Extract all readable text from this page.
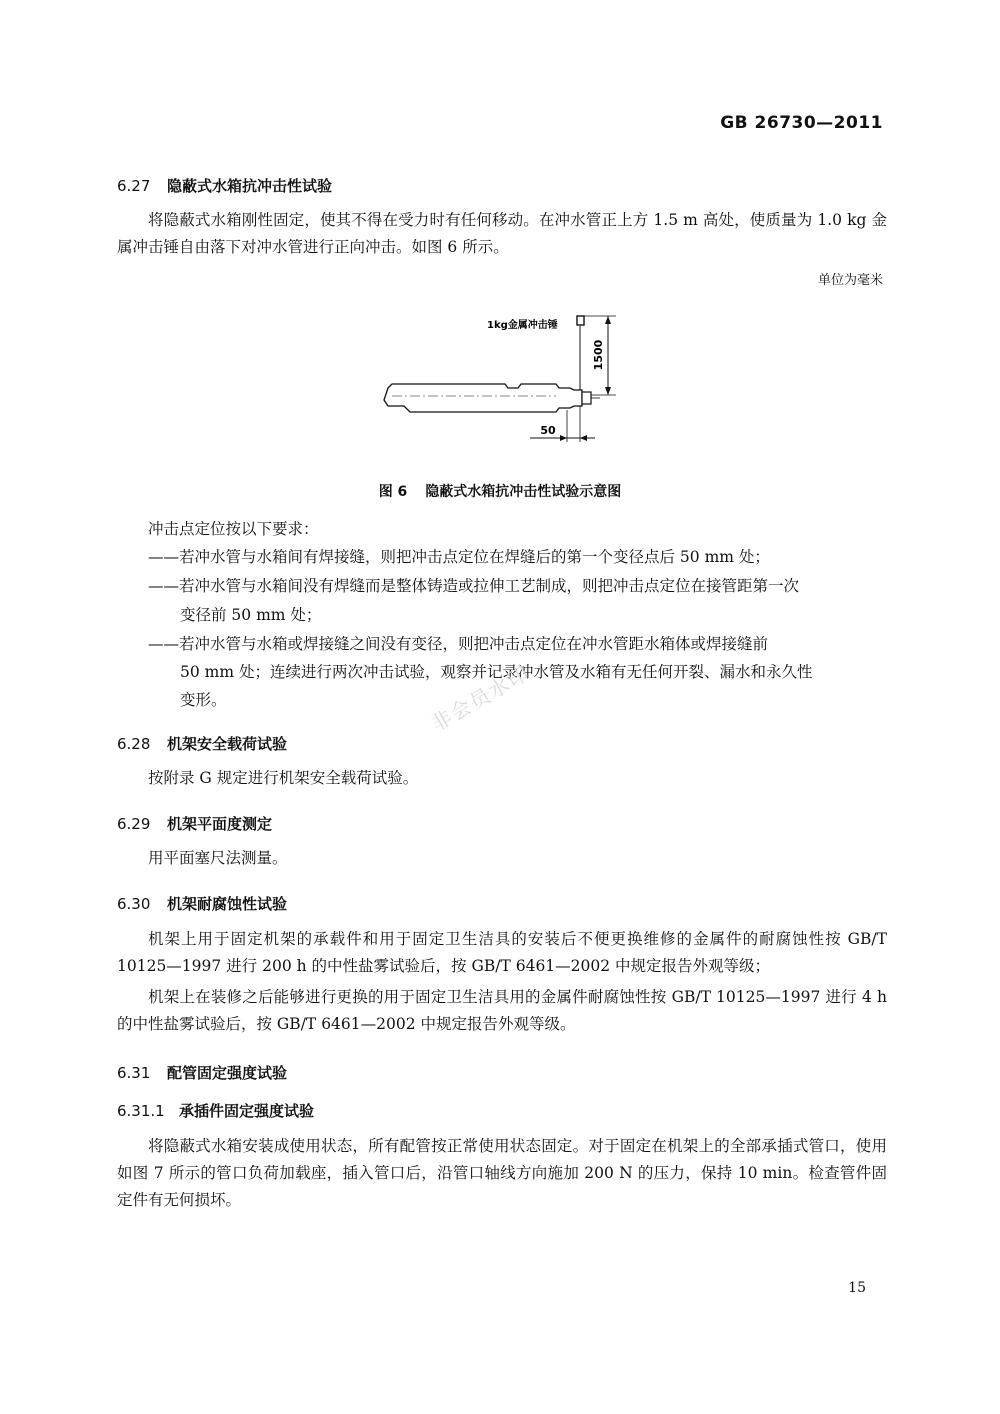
GB 26730—2011
6.27 隐蔽式水箱抗冲击性试验

将隐蔽式水箱刚性固定，使其不得在受力时有任何移动。在冲水管正上方 1.5 m 高处，使质量为 1.0 kg 金属冲击锤自由落下对冲水管进行正向冲击。如图 6 所示。

单位为毫米
1kg金属冲击锤
1500
50
图 6 隐蔽式水箱抗冲击性试验示意图
冲击点定位按以下要求：
——若冲水管与水箱间有焊接缝，则把冲击点定位在焊缝后的第一个变径点后 50 mm 处；
——若冲水管与水箱间没有焊缝而是整体铸造或拉伸工艺制成，则把冲击点定位在接管距第一次
变径前 50 mm 处；
——若冲水管与水箱或焊接缝之间没有变径，则把冲击点定位在冲水管距水箱体或焊接缝前
50 mm 处；连续进行两次冲击试验，观察并记录冲水管及水箱有无任何开裂、漏水和永久性
变形。	非会员水印
6.28 机架安全载荷试验
按附录 G 规定进行机架安全载荷试验。
6.29 机架平面度测定
用平面塞尺法测量。
6.30 机架耐腐蚀性试验

机架上用于固定机架的承载件和用于固定卫生洁具的安装后不便更换维修的金属件的耐腐蚀性按 GB/T 10125—1997 进行 200 h 的中性盐雾试验后，按 GB/T 6461—2002 中规定报告外观等级；

机架上在装修之后能够进行更换的用于固定卫生洁具用的金属件耐腐蚀性按 GB/T 10125—1997 进行 4 h 的中性盐雾试验后，按 GB/T 6461—2002 中规定报告外观等级。

6.31 配管固定强度试验
6.31.1 承插件固定强度试验

将隐蔽式水箱安装成使用状态，所有配管按正常使用状态固定。对于固定在机架上的全部承插式管口，使用如图 7 所示的管口负荷加载座，插入管口后，沿管口轴线方向施加 200 N 的压力，保持 10 min。检查管件固定件有无何损坏。

15
